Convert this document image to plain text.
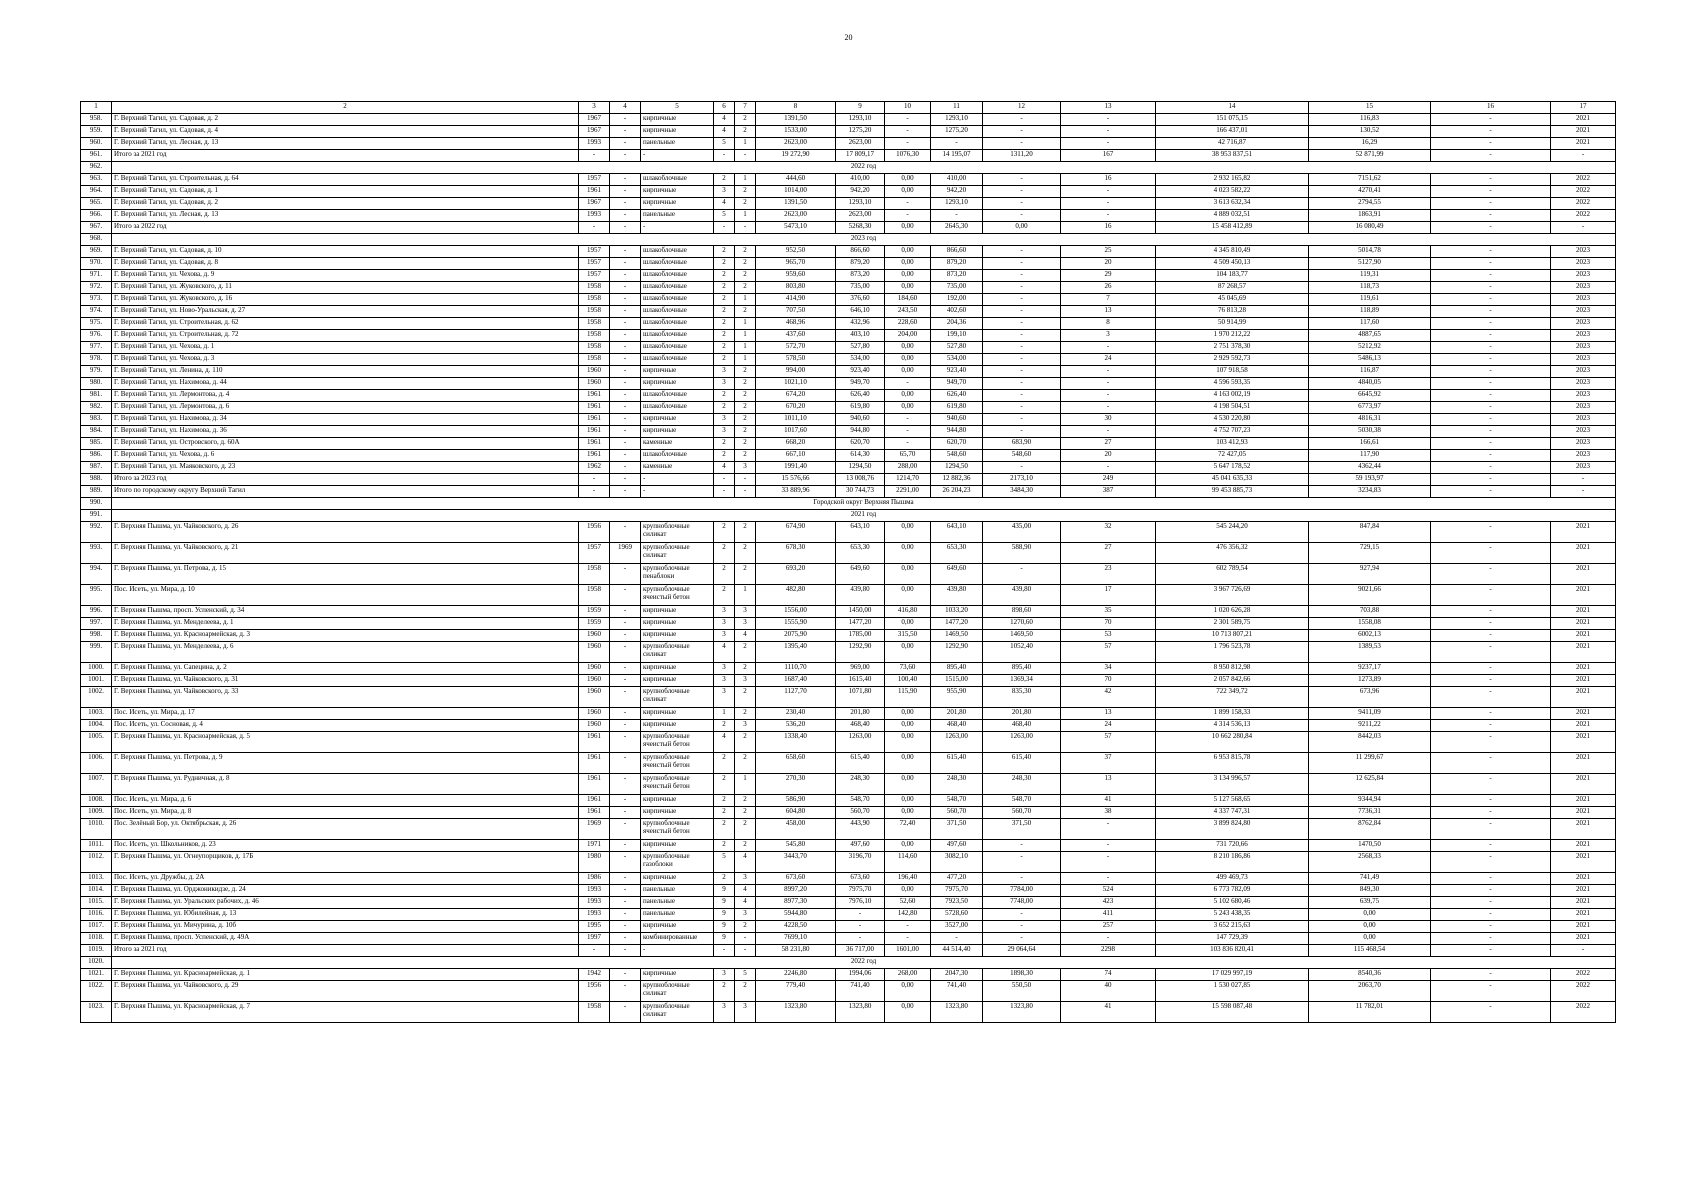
20
1	2	3	4	5	6	7	8	9	10	11	12	13	14	15	16	17
958.	Г. Верхний Тагил, ул. Садовая, д. 2	1967	-	кирпичные	4	2	1391,50	1293,10	-	1293,10	-	-	151 075,15	116,83	-	2021
959.	Г. Верхний Тагил, ул. Садовая, д. 4	1967	-	кирпичные	4	2	1533,00	1275,20	-	1275,20	-	-	166 437,01	130,52	-	2021
960.	Г. Верхний Тагил, ул. Лесная, д. 13	1993	-	панельные	5	1	2623,00	2623,00	-	-	-	-	42 716,87	16,29	-	2021
961.	Итого за 2021 год	-	-	-	-	-	19 272,90	17 809,17	1076,30	14 195,07	1311,20	167	38 953 837,51	52 871,99	-	-
962.	2022 год															
963.	Г. Верхний Тагил, ул. Строительная, д. 64	1957	-	шлакоблочные	2	1	444,60	410,00	0,00	410,00	-	16	2 932 165,82	7151,62	-	2022
964.	Г. Верхний Тагил, ул. Садовая, д. 1	1961	-	кирпичные	3	2	1014,00	942,20	0,00	942,20	-	-	4 023 582,22	4270,41	-	2022
965.	Г. Верхний Тагил, ул. Садовая, д. 2	1967	-	кирпичные	4	2	1391,50	1293,10	-	1293,10	-	-	3 613 632,34	2794,55	-	2022
966.	Г. Верхний Тагил, ул. Лесная, д. 13	1993	-	панельные	5	1	2623,00	2623,00	-	-	-	-	4 889 032,51	1863,91	-	2022
967.	Итого за 2022 год	-	-	-	-	-	5473,10	5268,30	0,00	2645,30	0,00	16	15 458 412,89	16 080,49	-	-
968.	2023 год															
969.	Г. Верхний Тагил, ул. Садовая, д. 10	1957	-	шлакоблочные	2	2	952,50	866,60	0,00	866,60	-	25	4 345 810,49	5014,78	-	2023
970.	Г. Верхний Тагил, ул. Садовая, д. 8	1957	-	шлакоблочные	2	2	965,70	879,20	0,00	879,20	-	20	4 509 450,13	5127,90	-	2023
971.	Г. Верхний Тагил, ул. Чехова, д. 9	1957	-	шлакоблочные	2	2	959,60	873,20	0,00	873,20	-	29	104 183,77	119,31	-	2023
972.	Г. Верхний Тагил, ул. Жуковского, д. 11	1958	-	шлакоблочные	2	2	803,80	735,00	0,00	735,00	-	26	87 268,57	118,73	-	2023
973.	Г. Верхний Тагил, ул. Жуковского, д. 16	1958	-	шлакоблочные	2	1	414,90	376,60	184,60	192,00	-	7	45 045,69	119,61	-	2023
974.	Г. Верхний Тагил, ул. Ново-Уральская, д. 27	1958	-	шлакоблочные	2	2	707,50	646,10	243,50	402,60	-	13	76 813,28	118,89	-	2023
975.	Г. Верхний Тагил, ул. Строительная, д. 62	1958	-	шлакоблочные	2	1	468,96	432,96	228,60	204,36	-	8	50 914,99	117,60	-	2023
976.	Г. Верхний Тагил, ул. Строительная, д. 72	1958	-	шлакоблочные	2	1	437,60	403,10	204,00	199,10	-	3	1 970 212,22	4887,65	-	2023
977.	Г. Верхний Тагил, ул. Чехова, д. 1	1958	-	шлакоблочные	2	1	572,70	527,80	0,00	527,80	-	-	2 751 378,30	5212,92	-	2023
978.	Г. Верхний Тагил, ул. Чехова, д. 3	1958	-	шлакоблочные	2	1	578,50	534,00	0,00	534,00	-	24	2 929 592,73	5486,13	-	2023
979.	Г. Верхний Тагил, ул. Ленина, д. 110	1960	-	кирпичные	3	2	994,00	923,40	0,00	923,40	-	-	107 918,58	116,87	-	2023
980.	Г. Верхний Тагил, ул. Нахимова, д. 44	1960	-	кирпичные	3	2	1021,10	949,70	-	949,70	-	-	4 596 593,35	4840,05	-	2023
981.	Г. Верхний Тагил, ул. Лермонтова, д. 4	1961	-	шлакоблочные	2	2	674,20	626,40	0,00	626,40	-	-	4 163 002,19	6645,92	-	2023
982.	Г. Верхний Тагил, ул. Лермонтова, д. 6	1961	-	шлакоблочные	2	2	670,20	619,80	0,00	619,80	-	-	4 198 504,51	6773,97	-	2023
983.	Г. Верхний Тагил, ул. Нахимова, д. 34	1961	-	кирпичные	3	2	1011,10	940,60	-	940,60	-	30	4 530 220,80	4816,31	-	2023
984.	Г. Верхний Тагил, ул. Нахимова, д. 36	1961	-	кирпичные	3	2	1017,60	944,80	-	944,80	-	-	4 752 707,23	5030,38	-	2023
985.	Г. Верхний Тагил, ул. Островского, д. 60А	1961	-	каменные	2	2	668,20	620,70	-	620,70	683,90	27	103 412,93	166,61	-	2023
986.	Г. Верхний Тагил, ул. Чехова, д. 6	1961	-	шлакоблочные	2	2	667,10	614,30	65,70	548,60	548,60	20	72 427,05	117,90	-	2023
987.	Г. Верхний Тагил, ул. Маяковского, д. 23	1962	-	каменные	4	3	1991,40	1294,50	288,00	1294,50	-	-	5 647 178,52	4362,44	-	2023
988.	Итого за 2023 год	-	-	-	-	-	15 576,66	13 008,76	1214,70	12 882,36	2173,10	249	45 041 635,33	59 193,97	-	-
989.	Итого по городскому округу Верхний Тагил	-	-	-	-	-	33 889,96	30 744,73	2291,00	26 204,23	3484,30	387	99 453 885,73	3234,83	-	-
990.	Городской округ Верхняя Пышма															
991.	2021 год															
992.	Г. Верхняя Пышма, ул. Чайковского, д. 26	1956	-	крупноблочные силикат	2	2	674,90	643,10	0,00	643,10	435,00	32	545 244,20	847,84	-	2021
993.	Г. Верхняя Пышма, ул. Чайковского, д. 21	1957	1969	крупноблочные силикат	2	2	678,30	653,30	0,00	653,30	588,90	27	476 356,32	729,15	-	2021
994.	Г. Верхняя Пышма, ул. Петрова, д. 15	1958	-	крупноблочные пенаблоки	2	2	693,20	649,60	0,00	649,60	-	23	602 789,54	927,94	-	2021
995.	Пос. Исеть, ул. Мира, д. 10	1958	-	крупноблочные ячеистый бетон	2	1	482,80	439,80	0,00	439,80	439,80	17	3 967 726,69	9021,66	-	2021
996.	Г. Верхняя Пышма, просп. Успенский, д. 34	1959	-	кирпичные	3	3	1556,00	1450,00	416,80	1033,20	898,60	35	1 020 626,28	703,88	-	2021
997.	Г. Верхняя Пышма, ул. Менделеева, д. 1	1959	-	кирпичные	3	3	1555,90	1477,20	0,00	1477,20	1270,60	70	2 301 589,75	1558,08	-	2021
998.	Г. Верхняя Пышма, ул. Красноармейская, д. 3	1960	-	кирпичные	3	4	2075,90	1785,00	315,50	1469,50	1469,50	53	10 713 807,21	6002,13	-	2021
999.	Г. Верхняя Пышма, ул. Менделеева, д. 6	1960	-	крупноблочные силикат	4	2	1395,40	1292,90	0,00	1292,90	1052,40	57	1 796 523,78	1389,53	-	2021
1000.	Г. Верхняя Пышма, ул. Сапецина, д. 2	1960	-	кирпичные	3	2	1110,70	969,00	73,60	895,40	895,40	34	8 950 812,98	9237,17	-	2021
1001.	Г. Верхняя Пышма, ул. Чайковского, д. 31	1960	-	кирпичные	3	3	1687,40	1615,40	100,40	1515,00	1369,34	70	2 057 842,66	1273,89	-	2021
1002.	Г. Верхняя Пышма, ул. Чайковского, д. 33	1960	-	крупноблочные силикат	3	2	1127,70	1071,80	115,90	955,90	835,30	42	722 349,72	673,96	-	2021
1003.	Пос. Исеть, ул. Мира, д. 17	1960	-	кирпичные	1	2	230,40	201,80	0,00	201,80	201,80	13	1 899 158,33	9411,09	-	2021
1004.	Пос. Исеть, ул. Сосновая, д. 4	1960	-	кирпичные	2	3	536,20	468,40	0,00	468,40	468,40	24	4 314 536,13	9211,22	-	2021
1005.	Г. Верхняя Пышма, ул. Красноармейская, д. 5	1961	-	крупноблочные ячеистый бетон	4	2	1338,40	1263,00	0,00	1263,00	1263,00	57	10 662 280,84	8442,03	-	2021
1006.	Г. Верхняя Пышма, ул. Петрова, д. 9	1961	-	крупноблочные ячеистый бетон	2	2	658,60	615,40	0,00	615,40	615,40	37	6 953 815,78	11 299,67	-	2021
1007.	Г. Верхняя Пышма, ул. Рудничная, д. 8	1961	-	крупноблочные ячеистый бетон	2	1	270,30	248,30	0,00	248,30	248,30	13	3 134 996,57	12 625,84	-	2021
1008.	Пос. Исеть, ул. Мира, д. 6	1961	-	кирпичные	2	2	586,90	548,70	0,00	548,70	548,70	41	5 127 568,65	9344,94	-	2021
1009.	Пос. Исеть, ул. Мира, д. 8	1961	-	кирпичные	2	2	604,80	560,70	0,00	560,70	560,70	38	4 337 747,31	7736,31	-	2021
1010.	Пос. Зелёный Бор, ул. Октябрьская, д. 26	1969	-	крупноблочные ячеистый бетон	2	2	458,00	443,90	72,40	371,50	371,50	-	3 899 824,80	8762,84	-	2021
1011.	Пос. Исеть, ул. Школьников, д. 23	1971	-	кирпичные	2	2	545,80	497,60	0,00	497,60	-	-	731 720,66	1470,50	-	2021
1012.	Г. Верхняя Пышма, ул. Огнеупорщиков, д. 17Б	1980	-	крупноблочные газоблоки	5	4	3443,70	3196,70	114,60	3082,10	-	-	8 210 186,86	2568,33	-	2021
1013.	Пос. Исеть, ул. Дружбы, д. 2А	1986	-	кирпичные	2	3	673,60	673,60	196,40	477,20	-	-	499 469,73	741,49	-	2021
1014.	Г. Верхняя Пышма, ул. Орджоникидзе, д. 24	1993	-	панельные	9	4	8997,20	7975,70	0,00	7975,70	7784,00	524	6 773 782,09	849,30	-	2021
1015.	Г. Верхняя Пышма, ул. Уральских рабочих, д. 46	1993	-	панельные	9	4	8977,30	7976,10	52,60	7923,50	7748,00	423	5 102 680,46	639,75	-	2021
1016.	Г. Верхняя Пышма, ул. Юбилейная, д. 13	1993	-	панельные	9	3	5944,80	-	142,80	5728,60	-	411	5 243 438,35	0,00	-	2021
1017.	Г. Верхняя Пышма, ул. Мичурина, д. 10б	1995	-	кирпичные	9	2	4228,50	-	-	3527,00	-	257	3 652 215,63	0,00	-	2021
1018.	Г. Верхняя Пышма, просп. Успенский, д. 49А	1997	-	комбинированные	9	-	7699,10	-	-	-	-	-	147 729,39	0,00	-	2021
1019.	Итого за 2021 год	-	-	-	-	-	58 231,80	36 717,00	1601,00	44 514,40	29 064,64	2298	103 836 820,41	115 468,54	-	-
1020.	2022 год															
1021.	Г. Верхняя Пышма, ул. Красноармейская, д. 1	1942	-	кирпичные	3	5	2246,80	1994,06	268,00	2047,30	1898,30	74	17 029 997,19	8540,36	-	2022
1022.	Г. Верхняя Пышма, ул. Чайковского, д. 29	1956	-	крупноблочные силикат	2	2	779,40	741,40	0,00	741,40	550,50	40	1 530 027,85	2063,70	-	2022
1023.	Г. Верхняя Пышма, ул. Красноармейская, д. 7	1958	-	крупноблочные силикат	3	3	1323,80	1323,80	0,00	1323,80	1323,80	41	15 598 087,48	11 782,01	-	2022
